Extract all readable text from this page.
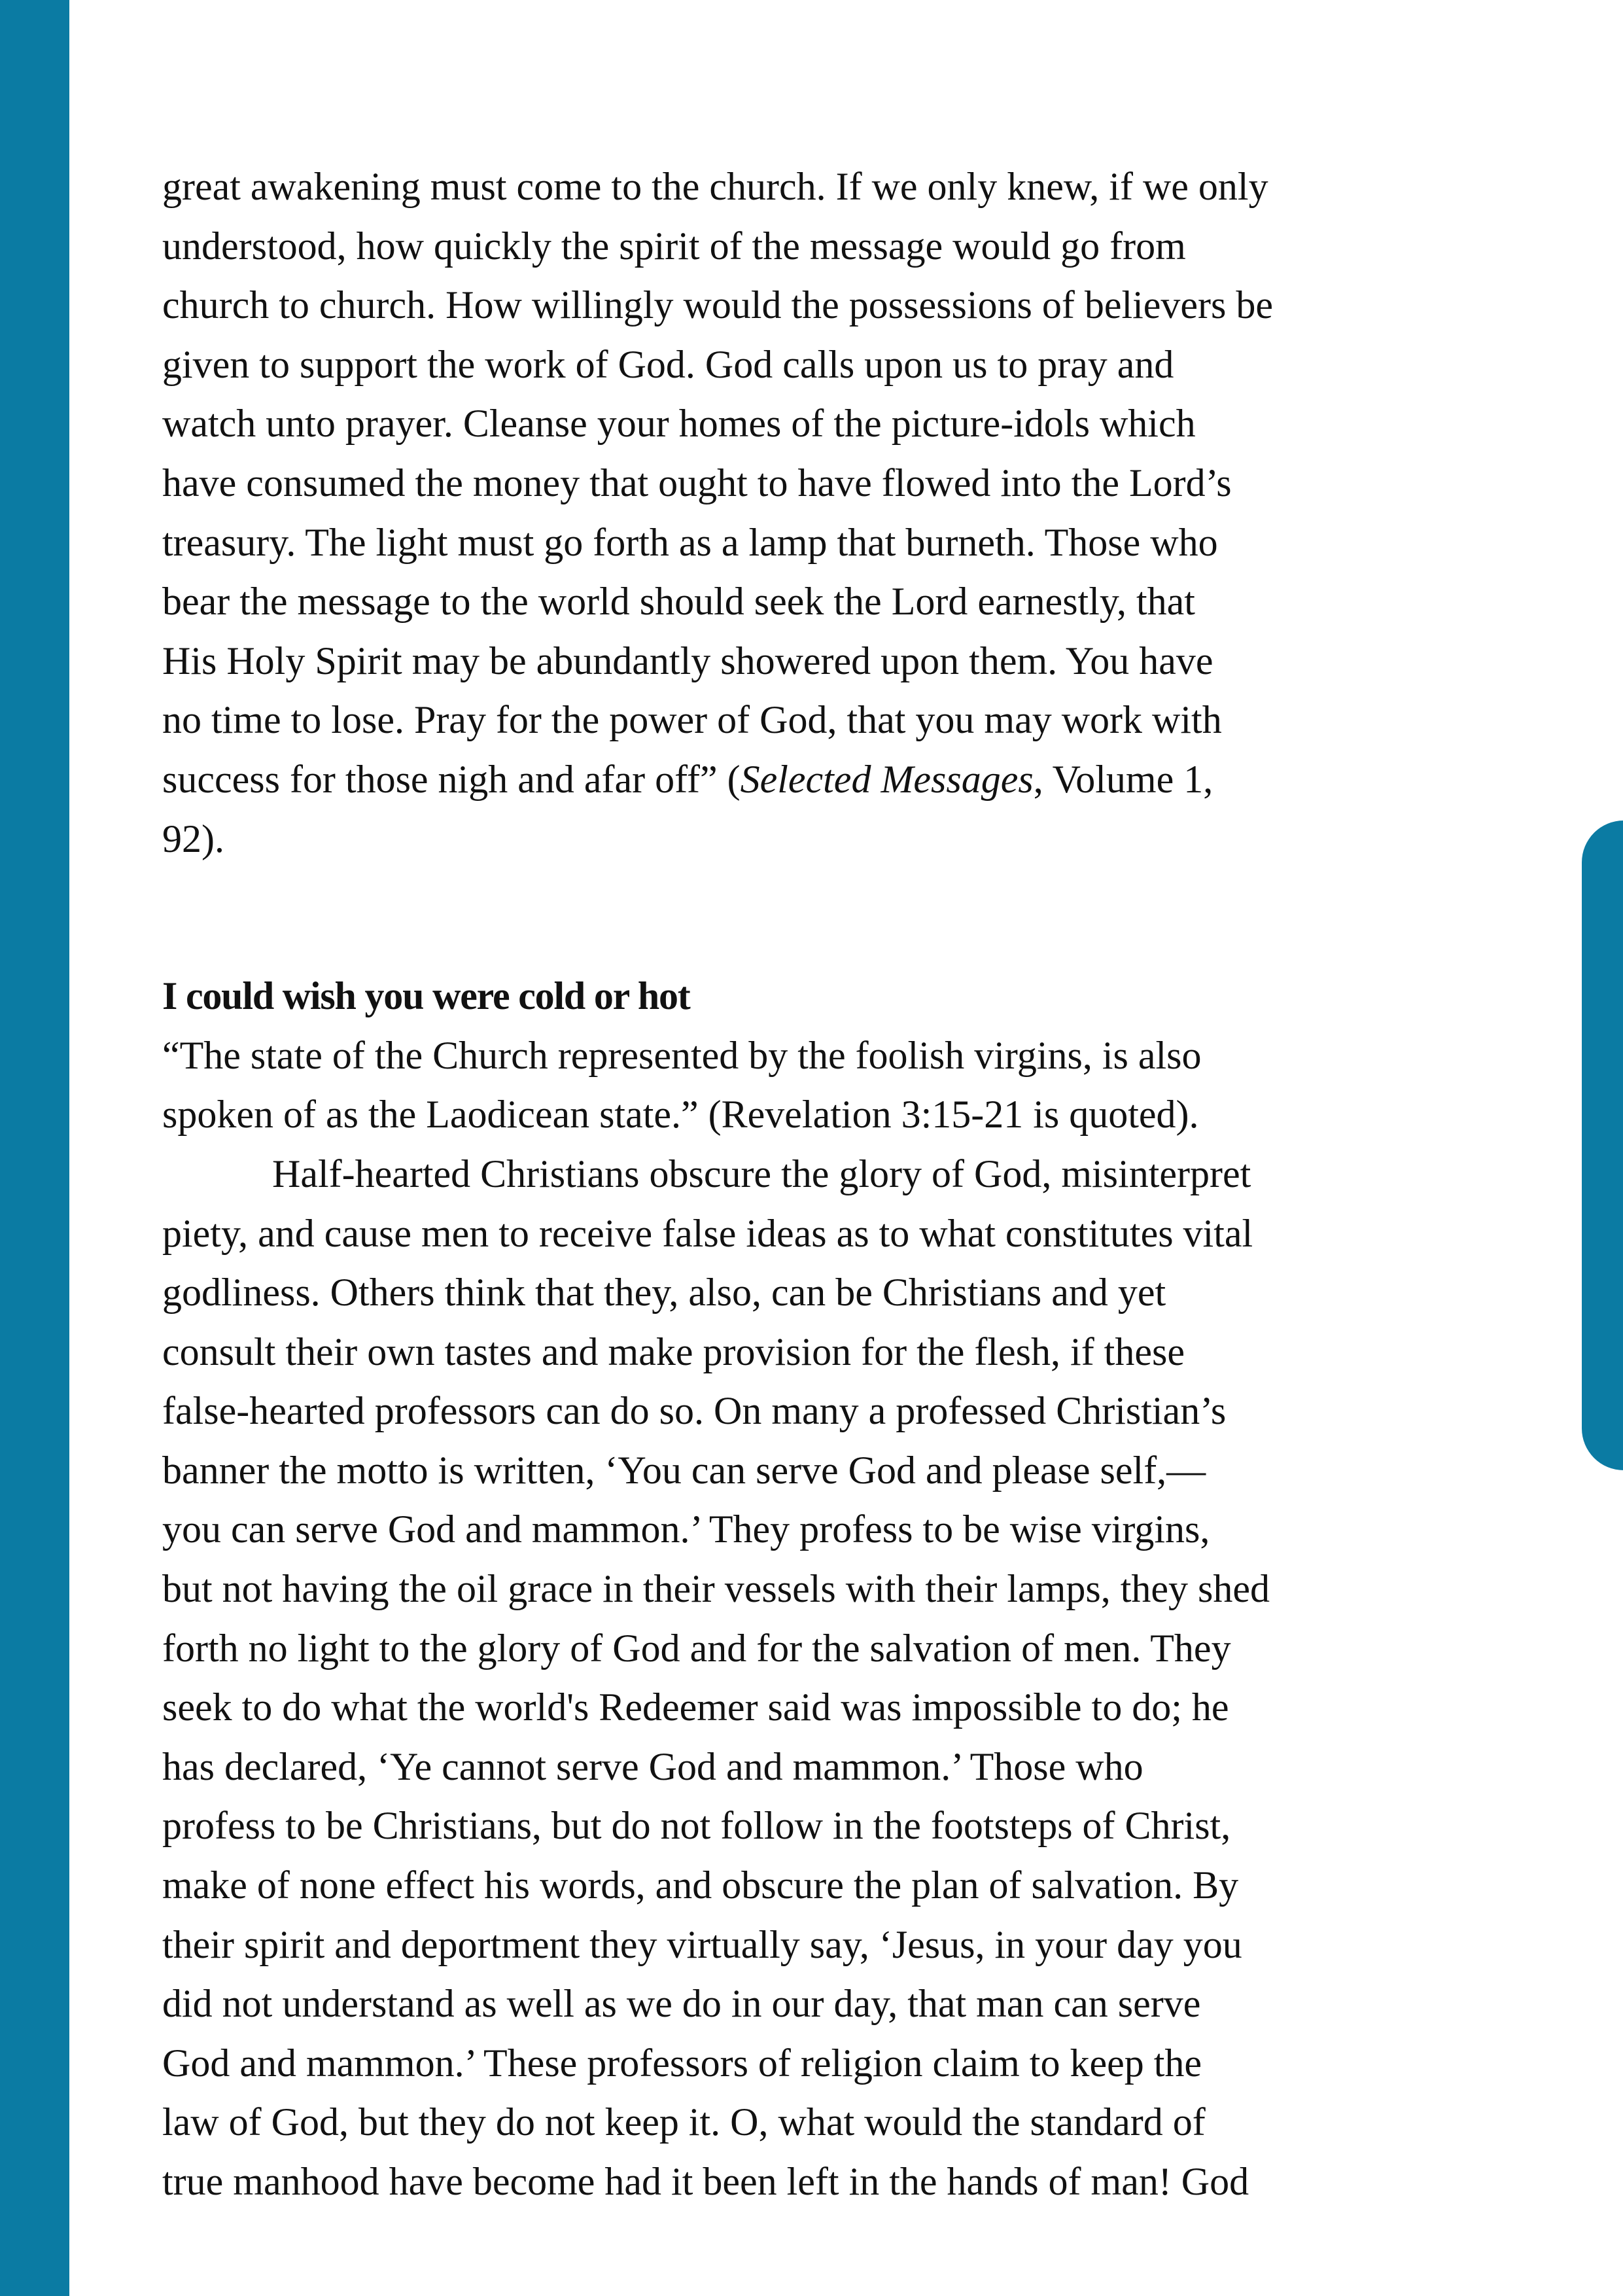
great awakening must come to the church. If we only knew, if we only
understood, how quickly the spirit of the message would go from
church to church. How willingly would the possessions of believers be
given to support the work of God. God calls upon us to pray and
watch unto prayer. Cleanse your homes of the picture-idols which
have consumed the money that ought to have flowed into the Lord’s
treasury. The light must go forth as a lamp that burneth. Those who
bear the message to the world should seek the Lord earnestly, that
His Holy Spirit may be abundantly showered upon them. You have
no time to lose. Pray for the power of God, that you may work with
success for those nigh and afar off” (Selected Messages, Volume 1,
92).
I could wish you were cold or hot
“The state of the Church represented by the foolish virgins, is also
spoken of as the Laodicean state.” (Revelation 3:15-21 is quoted).
Half-hearted Christians obscure the glory of God, misinterpret
piety, and cause men to receive false ideas as to what constitutes vital
godliness. Others think that they, also, can be Christians and yet
consult their own tastes and make provision for the flesh, if these
false-hearted professors can do so. On many a professed Christian’s
banner the motto is written, ‘You can serve God and please self,—
you can serve God and mammon.’ They profess to be wise virgins,
but not having the oil grace in their vessels with their lamps, they shed
forth no light to the glory of God and for the salvation of men. They
seek to do what the world's Redeemer said was impossible to do; he
has declared, ‘Ye cannot serve God and mammon.’ Those who
profess to be Christians, but do not follow in the footsteps of Christ,
make of none effect his words, and obscure the plan of salvation. By
their spirit and deportment they virtually say, ‘Jesus, in your day you
did not understand as well as we do in our day, that man can serve
God and mammon.’ These professors of religion claim to keep the
law of God, but they do not keep it. O, what would the standard of
true manhood have become had it been left in the hands of man! God
